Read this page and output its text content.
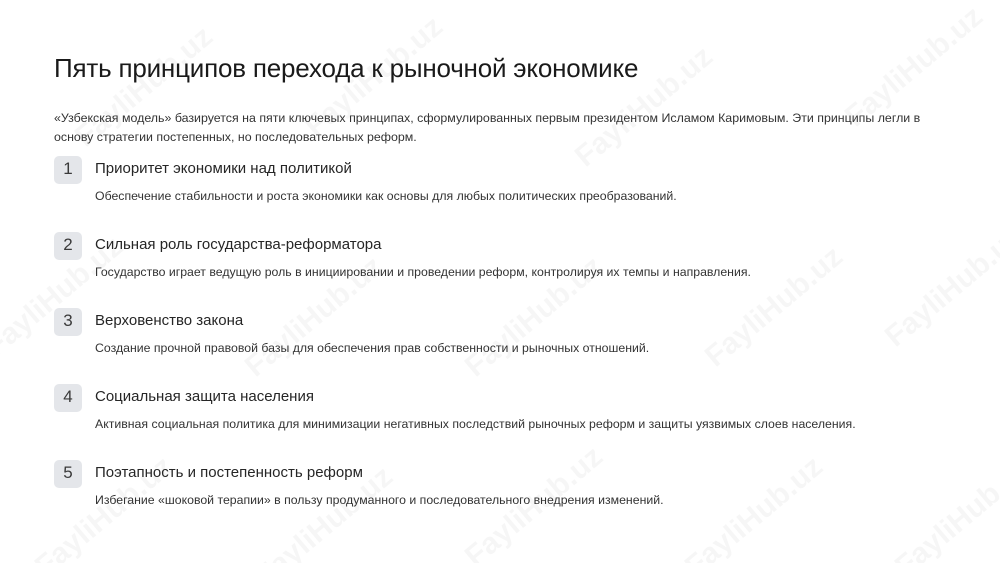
Пять принципов перехода к рыночной экономике

«Узбекская модель» базируется на пяти ключевых принципах, сформулированных первым президентом Исламом Каримовым. Эти принципы легли в основу стратегии постепенных, но последовательных реформ.

1	Приоритет экономики над политикой
Обеспечение стабильности и роста экономики как основы для любых политических преобразований.
2	Сильная роль государства-реформатора
Государство играет ведущую роль в инициировании и проведении реформ, контролируя их темпы и направления.
3	Верховенство закона
Создание прочной правовой базы для обеспечения прав собственности и рыночных отношений.
4	Социальная защита населения
Активная социальная политика для минимизации негативных последствий рыночных реформ и защиты уязвимых слоев населения.
5	Поэтапность и постепенность реформ
Избегание «шоковой терапии» в пользу продуманного и последовательного внедрения изменений.
